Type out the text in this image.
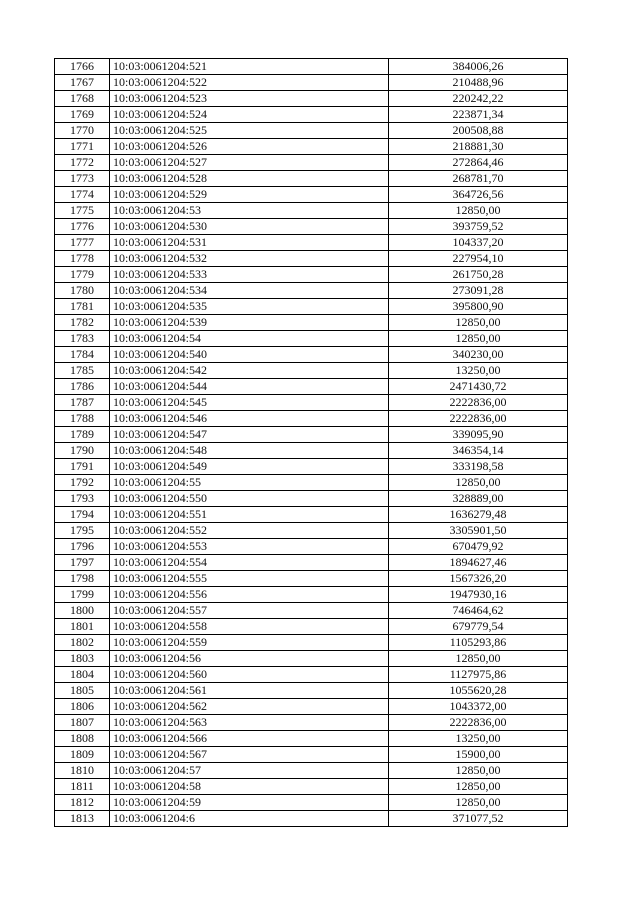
1766	10:03:0061204:521	384006,26
1767	10:03:0061204:522	210488,96
1768	10:03:0061204:523	220242,22
1769	10:03:0061204:524	223871,34
1770	10:03:0061204:525	200508,88
1771	10:03:0061204:526	218881,30
1772	10:03:0061204:527	272864,46
1773	10:03:0061204:528	268781,70
1774	10:03:0061204:529	364726,56
1775	10:03:0061204:53	12850,00
1776	10:03:0061204:530	393759,52
1777	10:03:0061204:531	104337,20
1778	10:03:0061204:532	227954,10
1779	10:03:0061204:533	261750,28
1780	10:03:0061204:534	273091,28
1781	10:03:0061204:535	395800,90
1782	10:03:0061204:539	12850,00
1783	10:03:0061204:54	12850,00
1784	10:03:0061204:540	340230,00
1785	10:03:0061204:542	13250,00
1786	10:03:0061204:544	2471430,72
1787	10:03:0061204:545	2222836,00
1788	10:03:0061204:546	2222836,00
1789	10:03:0061204:547	339095,90
1790	10:03:0061204:548	346354,14
1791	10:03:0061204:549	333198,58
1792	10:03:0061204:55	12850,00
1793	10:03:0061204:550	328889,00
1794	10:03:0061204:551	1636279,48
1795	10:03:0061204:552	3305901,50
1796	10:03:0061204:553	670479,92
1797	10:03:0061204:554	1894627,46
1798	10:03:0061204:555	1567326,20
1799	10:03:0061204:556	1947930,16
1800	10:03:0061204:557	746464,62
1801	10:03:0061204:558	679779,54
1802	10:03:0061204:559	1105293,86
1803	10:03:0061204:56	12850,00
1804	10:03:0061204:560	1127975,86
1805	10:03:0061204:561	1055620,28
1806	10:03:0061204:562	1043372,00
1807	10:03:0061204:563	2222836,00
1808	10:03:0061204:566	13250,00
1809	10:03:0061204:567	15900,00
1810	10:03:0061204:57	12850,00
1811	10:03:0061204:58	12850,00
1812	10:03:0061204:59	12850,00
1813	10:03:0061204:6	371077,52
